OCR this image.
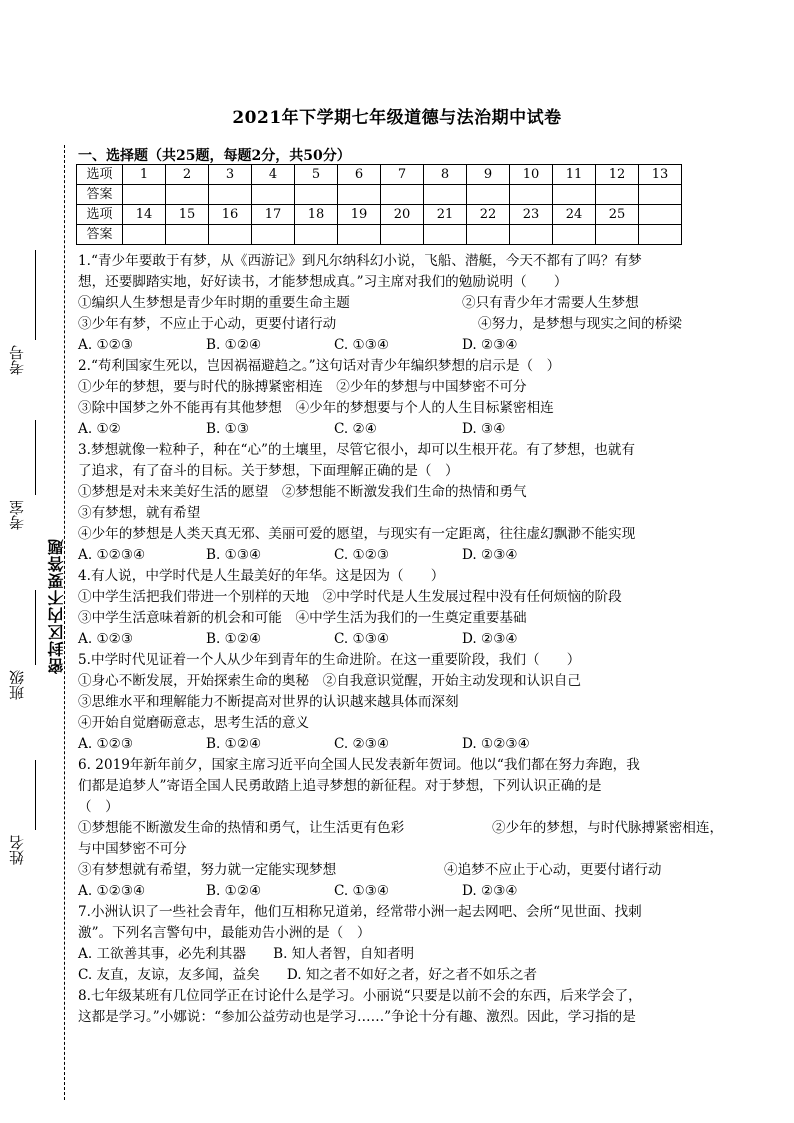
2021年下学期七年级道德与法治期中试卷
密封区内不要答题
考号
考室
班级
姓名
一、选择题（共25题，每题2分，共50分）
选项	1	2	3	4	5	6	7	8	9	10	11	12	13
答案													
选项	14	15	16	17	18	19	20	21	22	23	24	25	
答案													

1.“青少年要敢于有梦，从《西游记》到凡尔纳科幻小说，飞船、潜艇，今天不都有了吗？有梦

想，还要脚踏实地，好好读书，才能梦想成真。”习主席对我们的勉励说明（　　）

①编织人生梦想是青少年时期的重要生命主题	②只有青少年才需要人生梦想

③少年有梦，不应止于心动，更要付诸行动	④努力，是梦想与现实之间的桥梁

A. ①②③	B. ①②④	C. ①③④	D. ②③④

2.“苟利国家生死以，岂因祸福避趋之。”这句话对青少年编织梦想的启示是（　）

①少年的梦想，要与时代的脉搏紧密相连　②少年的梦想与中国梦密不可分

③除中国梦之外不能再有其他梦想　④少年的梦想要与个人的人生目标紧密相连

A. ①②	B. ①③	C. ②④	D. ③④

3.梦想就像一粒种子，种在“心”的土壤里，尽管它很小，却可以生根开花。有了梦想，也就有

了追求，有了奋斗的目标。关于梦想，下面理解正确的是（　）

①梦想是对未来美好生活的愿望　②梦想能不断激发我们生命的热情和勇气

③有梦想，就有希望

④少年的梦想是人类天真无邪、美丽可爱的愿望，与现实有一定距离，往往虚幻飘渺不能实现

A. ①②③④	B. ①③④	C. ①②③	D. ②③④

4.有人说，中学时代是人生最美好的年华。这是因为（　　）

①中学生活把我们带进一个别样的天地　②中学时代是人生发展过程中没有任何烦恼的阶段

③中学生活意味着新的机会和可能　④中学生活为我们的一生奠定重要基础

A. ①②③	B. ①②④	C. ①③④	D. ②③④

5.中学时代见证着一个人从少年到青年的生命进阶。在这一重要阶段，我们（　　）

①身心不断发展，开始探索生命的奥秘　②自我意识觉醒，开始主动发现和认识自己

③思维水平和理解能力不断提高对世界的认识越来越具体而深刻

④开始自觉磨砺意志，思考生活的意义

A. ①②③	B. ①②④	C. ②③④	D. ①②③④

6. 2019年新年前夕，国家主席习近平向全国人民发表新年贺词。他以“我们都在努力奔跑，我

们都是追梦人”寄语全国人民勇敢踏上追寻梦想的新征程。对于梦想，下列认识正确的是

（　）

①梦想能不断激发生命的热情和勇气，让生活更有色彩	②少年的梦想，与时代脉搏紧密相连，

与中国梦密不可分

③有梦想就有希望，努力就一定能实现梦想	④追梦不应止于心动，更要付诸行动

A. ①②③④	B. ①②④	C. ①③④	D. ②③④

7.小洲认识了一些社会青年，他们互相称兄道弟，经常带小洲一起去网吧、会所“见世面、找刺

激”。下列名言警句中，最能劝告小洲的是（　）

A. 工欲善其事，必先利其器　　B. 知人者智，自知者明

C. 友直，友谅，友多闻，益矣　　D. 知之者不如好之者，好之者不如乐之者

8.七年级某班有几位同学正在讨论什么是学习。小丽说“只要是以前不会的东西，后来学会了，

这都是学习。”小娜说：“参加公益劳动也是学习……”争论十分有趣、激烈。因此，学习指的是
